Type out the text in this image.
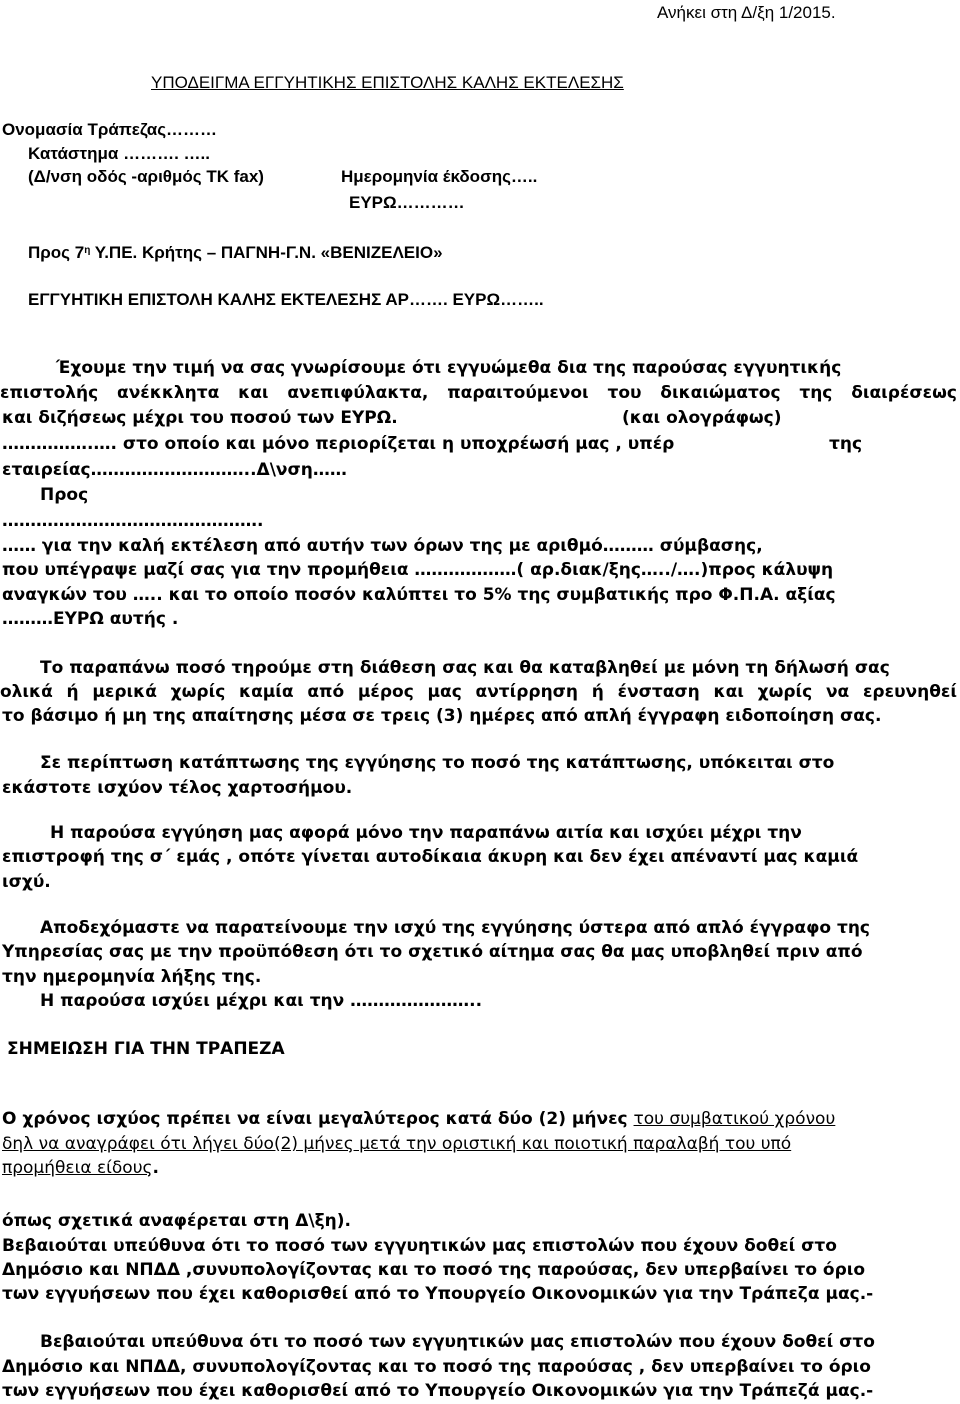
Ανήκει στη Δ/ξη 1/2015.
ΥΠΟΔΕΙΓΜΑ ΕΓΓΥΗΤΙΚΗΣ ΕΠΙΣΤΟΛΗΣ ΚΑΛΗΣ ΕΚΤΕΛΕΣΗΣ
Ονομασία Τράπεζας………
Κατάστημα ………. …..
(Δ/νση οδός -αριθμός ΤΚ fax)	Ημερομηνία έκδοσης…..
ΕΥΡΩ…………
Προς $7^\eta$ Υ.ΠΕ. Κρήτης – ΠΑΓΝΗ-Γ.Ν. «ΒΕΝΙΖΕΛΕΙΟ»
ΕΓΓΥΗΤΙΚΗ ΕΠΙΣΤΟΛΗ ΚΑΛΗΣ ΕΚΤΕΛΕΣΗΣ ΑΡ……. ΕΥΡΩ……..
Έχουμε την τιμή να σας γνωρίσουμε ότι εγγυώμεθα δια της παρούσας εγγυητικής
επιστολής ανέκκλητα και ανεπιφύλακτα, παραιτούμενοι του δικαιώματος της διαιρέσεως
και διζήσεως μέχρι του ποσού των ΕΥΡΩ.	(και ολογράφως)
…………….…. στο οποίο και μόνο περιορίζεται η υποχρέωσή μας , υπέρ	της
εταιρείας………………………..Δ\νση……
Προς
……………………………………….
…… για την καλή εκτέλεση από αυτήν των όρων της με αριθμό……… σύμβασης,
που υπέγραψε μαζί σας για την προμήθεια ………………( αρ.διακ/ξης…../….)προς κάλυψη
αναγκών του ….. και το οποίο ποσόν καλύπτει το 5% της συμβατικής προ Φ.Π.Α. αξίας
………ΕΥΡΩ αυτής .
Το παραπάνω ποσό τηρούμε στη διάθεση σας και θα καταβληθεί με μόνη τη δήλωσή σας
ολικά ή μερικά χωρίς καμία από μέρος μας αντίρρηση ή ένσταση και χωρίς να ερευνηθεί
το βάσιμο ή μη της απαίτησης μέσα σε τρεις (3) ημέρες από απλή έγγραφη ειδοποίηση σας.
Σε περίπτωση κατάπτωσης της εγγύησης το ποσό της κατάπτωσης, υπόκειται στο
εκάστοτε ισχύον τέλος χαρτοσήμου.
Η παρούσα εγγύηση μας αφορά μόνο την παραπάνω αιτία και ισχύει μέχρι την
επιστροφή της σ΄ εμάς , οπότε γίνεται αυτοδίκαια άκυρη και δεν έχει απέναντί μας καμιά
ισχύ.
Αποδεχόμαστε να παρατείνουμε την ισχύ της εγγύησης ύστερα από απλό έγγραφο της
Υπηρεσίας σας με την προϋπόθεση ότι το σχετικό αίτημα σας θα μας υποβληθεί πριν από
την ημερομηνία λήξης της.
Η παρούσα ισχύει μέχρι και την …………………..
ΣΗΜΕΙΩΣΗ ΓΙΑ ΤΗΝ ΤΡΑΠΕΖΑ
Ο χρόνος ισχύος πρέπει να είναι μεγαλύτερος κατά δύο (2) μήνες του συμβατικού χρόνου
δηλ να αναγράφει ότι λήγει δύο(2) μήνες μετά την οριστική και ποιοτική παραλαβή του υπό
προμήθεια είδους.
όπως σχετικά αναφέρεται στη Δ\ξη).
Βεβαιούται υπεύθυνα ότι το ποσό των εγγυητικών μας επιστολών που έχουν δοθεί στο
Δημόσιο και ΝΠΔΔ ,συνυπολογίζοντας και το ποσό της παρούσας, δεν υπερβαίνει το όριο
των εγγυήσεων που έχει καθορισθεί από το Υπουργείο Οικονομικών για την Τράπεζα μας.-
Βεβαιούται υπεύθυνα ότι το ποσό των εγγυητικών μας επιστολών που έχουν δοθεί στο
Δημόσιο και ΝΠΔΔ, συνυπολογίζοντας και το ποσό της παρούσας , δεν υπερβαίνει το όριο
των εγγυήσεων που έχει καθορισθεί από το Υπουργείο Οικονομικών για την Τράπεζά μας.-
